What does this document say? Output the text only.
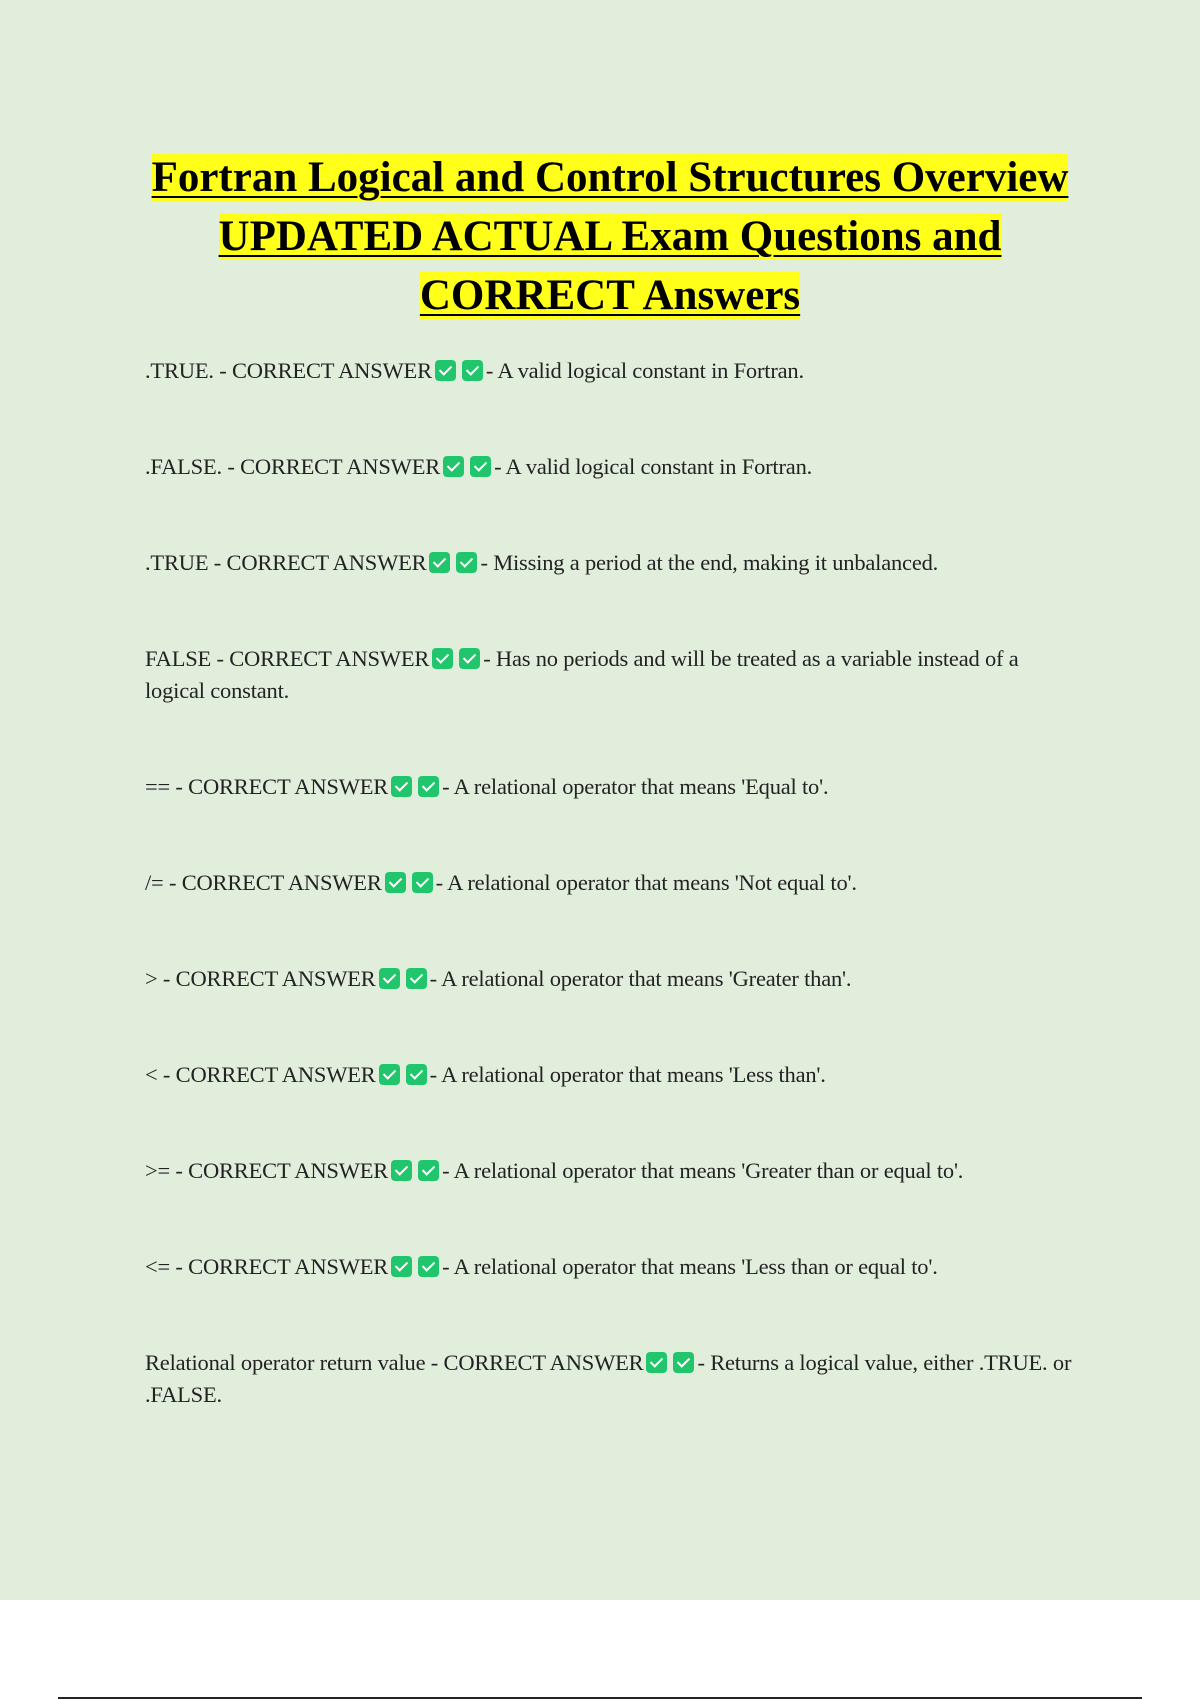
Fortran Logical and Control Structures Overview UPDATED ACTUAL Exam Questions and CORRECT Answers
.TRUE. - CORRECT ANSWER - A valid logical constant in Fortran.
.FALSE. - CORRECT ANSWER - A valid logical constant in Fortran.
.TRUE - CORRECT ANSWER - Missing a period at the end, making it unbalanced.
FALSE - CORRECT ANSWER - Has no periods and will be treated as a variable instead of a logical constant.
== - CORRECT ANSWER - A relational operator that means 'Equal to'.
/= - CORRECT ANSWER - A relational operator that means 'Not equal to'.
> - CORRECT ANSWER - A relational operator that means 'Greater than'.
< - CORRECT ANSWER - A relational operator that means 'Less than'.
>= - CORRECT ANSWER - A relational operator that means 'Greater than or equal to'.
<= - CORRECT ANSWER - A relational operator that means 'Less than or equal to'.
Relational operator return value - CORRECT ANSWER - Returns a logical value, either .TRUE. or .FALSE.
